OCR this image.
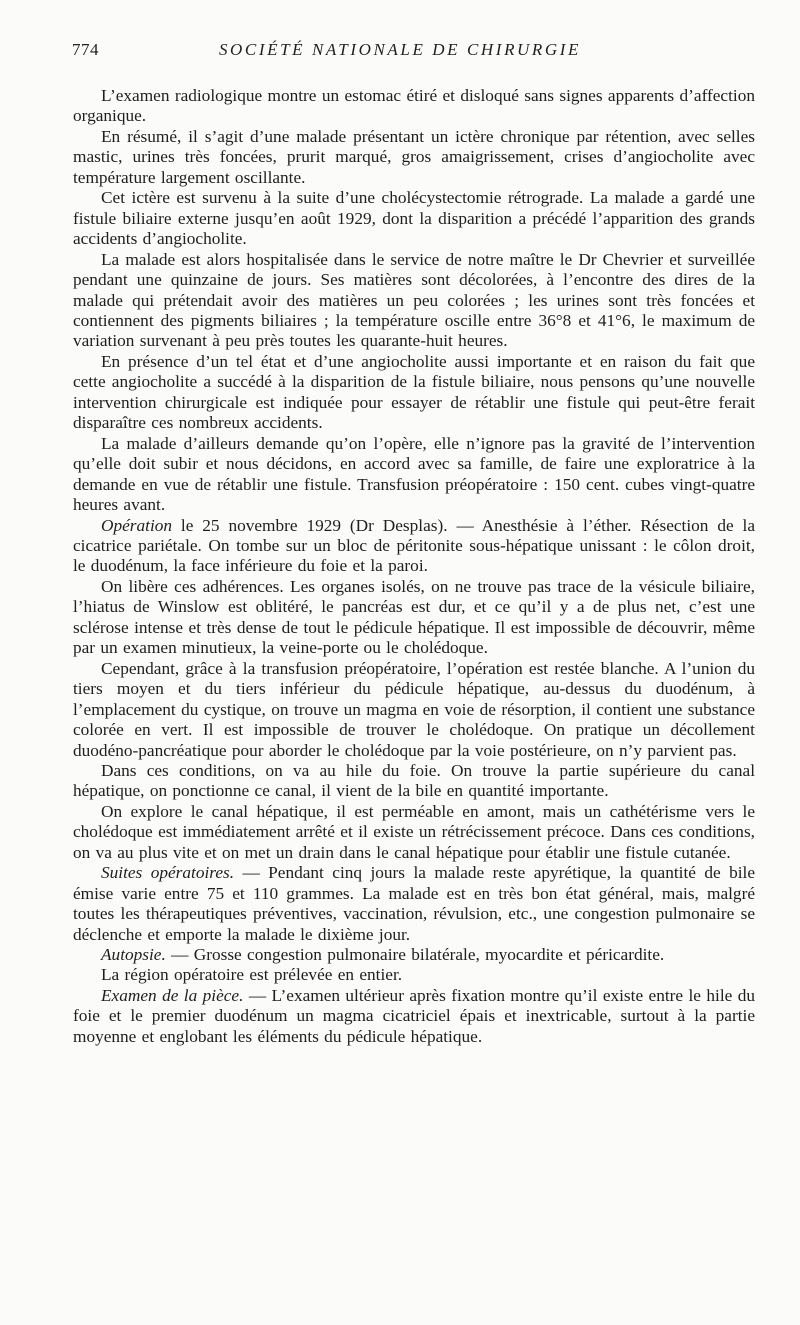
774	SOCIÉTÉ NATIONALE DE CHIRURGIE

L’examen radiologique montre un estomac étiré et disloqué sans signes apparents d’affection organique.

En résumé, il s’agit d’une malade présentant un ictère chronique par rétention, avec selles mastic, urines très foncées, prurit marqué, gros amaigrissement, crises d’angiocholite avec température largement oscillante.

Cet ictère est survenu à la suite d’une cholécystectomie rétrograde. La malade a gardé une fistule biliaire externe jusqu’en août 1929, dont la disparition a précédé l’apparition des grands accidents d’angiocholite.

La malade est alors hospitalisée dans le service de notre maître le Dr Chevrier et surveillée pendant une quinzaine de jours. Ses matières sont décolorées, à l’encontre des dires de la malade qui prétendait avoir des matières un peu colorées ; les urines sont très foncées et contiennent des pigments biliaires ; la température oscille entre 36°8 et 41°6, le maximum de variation survenant à peu près toutes les quarante-huit heures.

En présence d’un tel état et d’une angiocholite aussi importante et en raison du fait que cette angiocholite a succédé à la disparition de la fistule biliaire, nous pensons qu’une nouvelle intervention chirurgicale est indiquée pour essayer de rétablir une fistule qui peut-être ferait disparaître ces nombreux accidents.

La malade d’ailleurs demande qu’on l’opère, elle n’ignore pas la gravité de l’intervention qu’elle doit subir et nous décidons, en accord avec sa famille, de faire une exploratrice à la demande en vue de rétablir une fistule. Transfusion préopératoire : 150 cent. cubes vingt-quatre heures avant.

Opération le 25 novembre 1929 (Dr Desplas). — Anesthésie à l’éther. Résection de la cicatrice pariétale. On tombe sur un bloc de péritonite sous-hépatique unissant : le côlon droit, le duodénum, la face inférieure du foie et la paroi.

On libère ces adhérences. Les organes isolés, on ne trouve pas trace de la vésicule biliaire, l’hiatus de Winslow est oblitéré, le pancréas est dur, et ce qu’il y a de plus net, c’est une sclérose intense et très dense de tout le pédicule hépatique. Il est impossible de découvrir, même par un examen minutieux, la veine-porte ou le cholédoque.

Cependant, grâce à la transfusion préopératoire, l’opération est restée blanche. A l’union du tiers moyen et du tiers inférieur du pédicule hépatique, au-dessus du duodénum, à l’emplacement du cystique, on trouve un magma en voie de résorption, il contient une substance colorée en vert. Il est impossible de trouver le cholédoque. On pratique un décollement duodéno-pancréatique pour aborder le cholédoque par la voie postérieure, on n’y parvient pas.

Dans ces conditions, on va au hile du foie. On trouve la partie supérieure du canal hépatique, on ponctionne ce canal, il vient de la bile en quantité importante.

On explore le canal hépatique, il est perméable en amont, mais un cathétérisme vers le cholédoque est immédiatement arrêté et il existe un rétrécissement précoce. Dans ces conditions, on va au plus vite et on met un drain dans le canal hépatique pour établir une fistule cutanée.

Suites opératoires. — Pendant cinq jours la malade reste apyrétique, la quantité de bile émise varie entre 75 et 110 grammes. La malade est en très bon état général, mais, malgré toutes les thérapeutiques préventives, vaccination, révulsion, etc., une congestion pulmonaire se déclenche et emporte la malade le dixième jour.

Autopsie. — Grosse congestion pulmonaire bilatérale, myocardite et péricardite.

La région opératoire est prélevée en entier.

Examen de la pièce. — L’examen ultérieur après fixation montre qu’il existe entre le hile du foie et le premier duodénum un magma cicatriciel épais et inextricable, surtout à la partie moyenne et englobant les éléments du pédicule hépatique.
